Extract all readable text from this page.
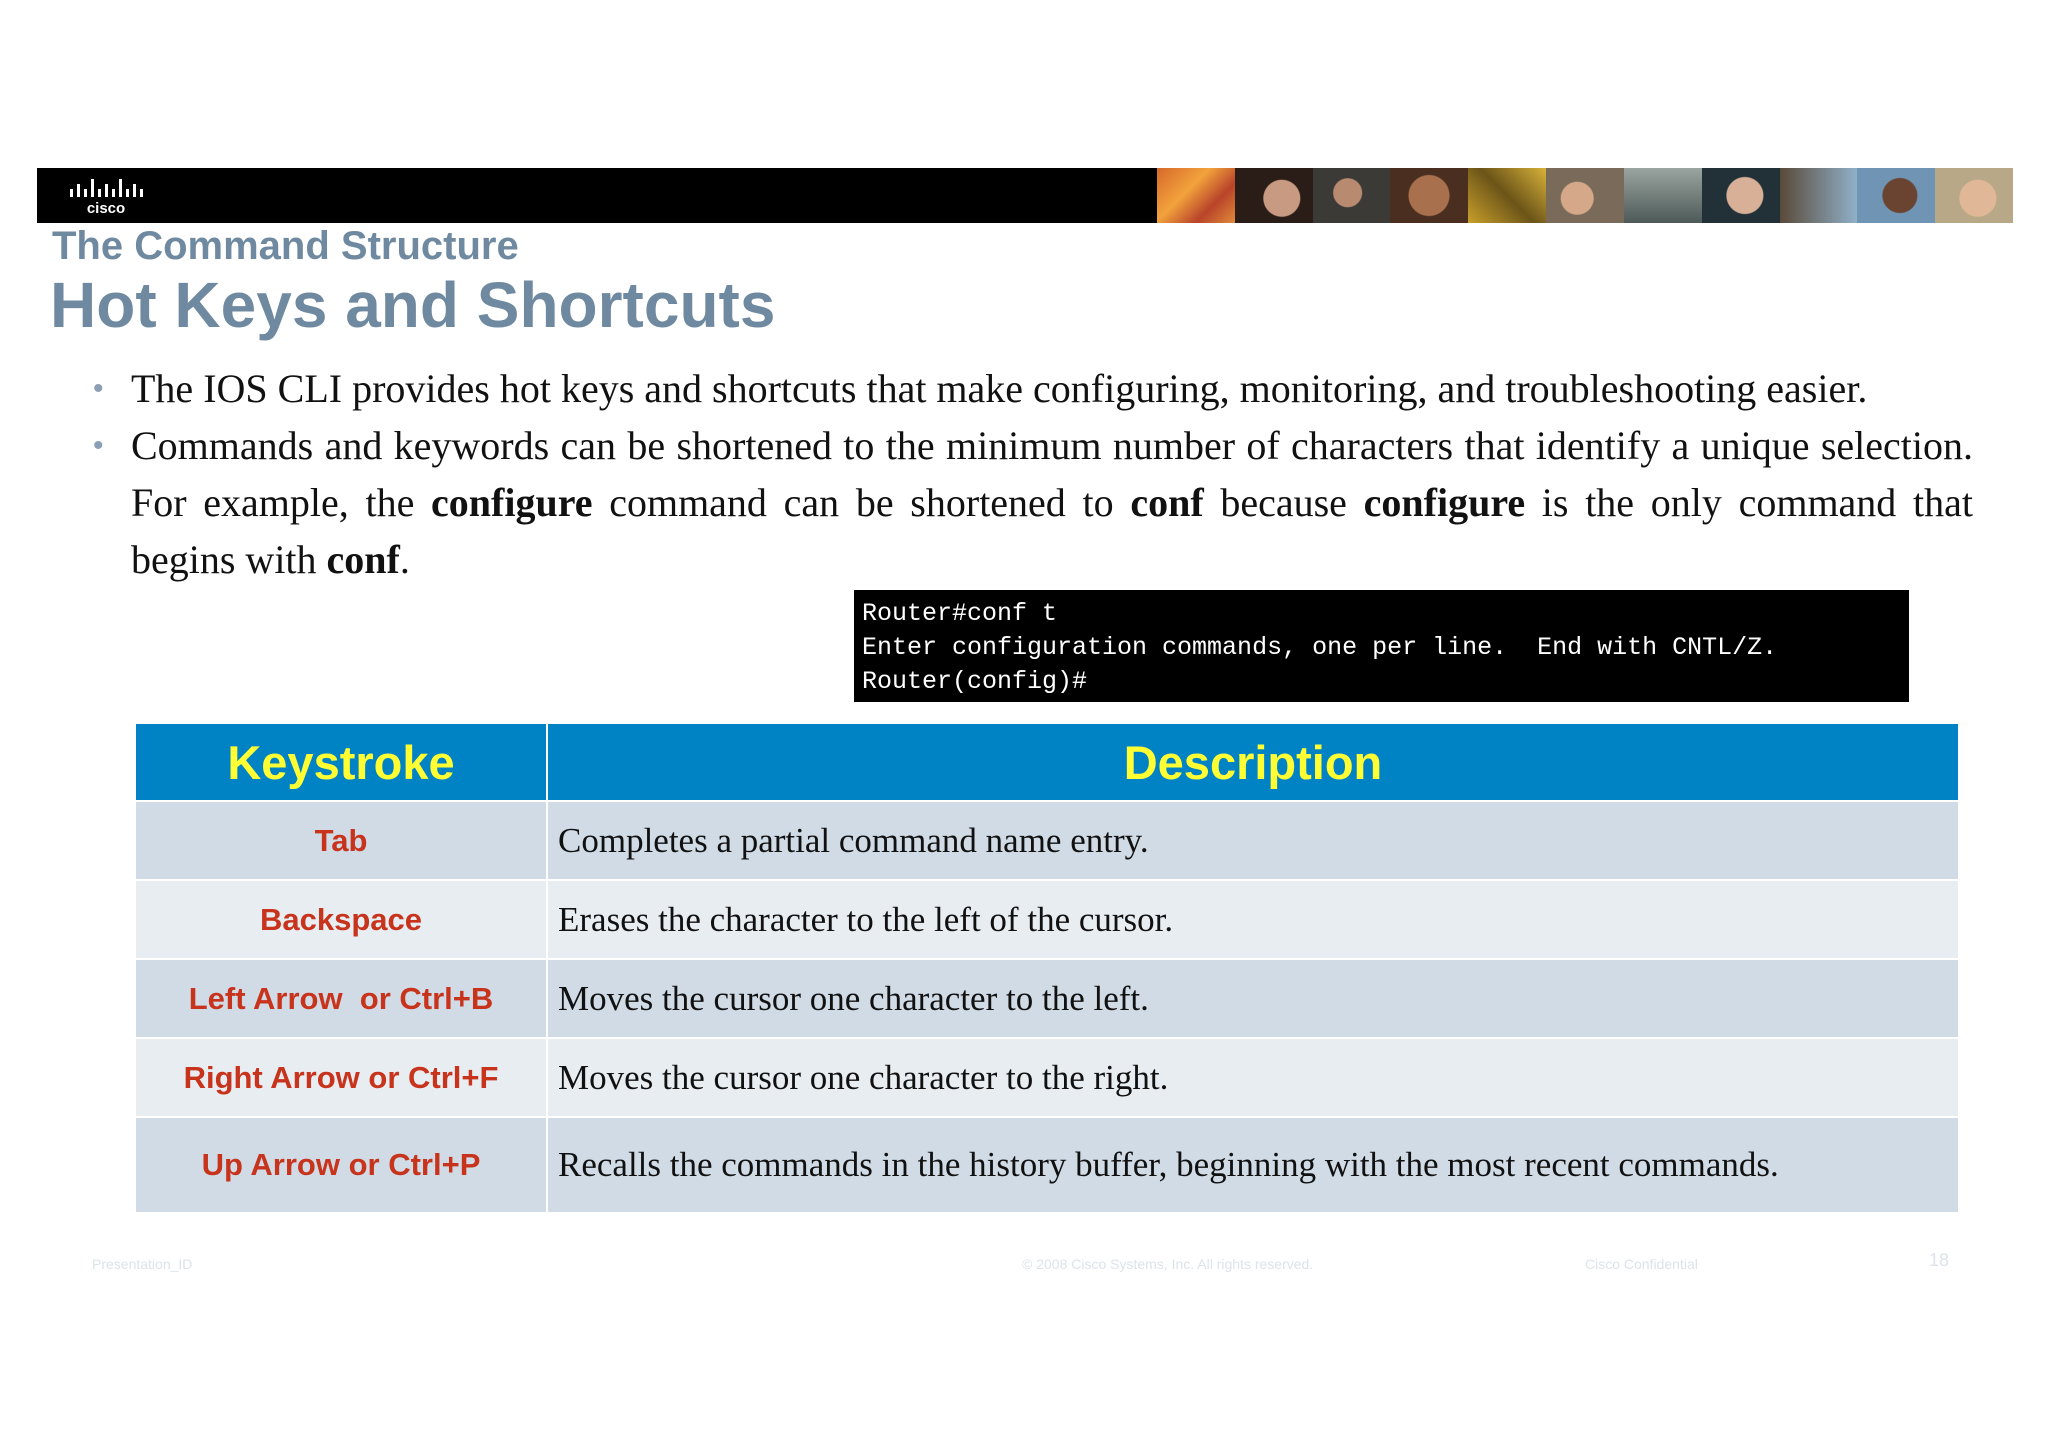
cisco
The Command Structure
Hot Keys and Shortcuts
• The IOS CLI provides hot keys and shortcuts that make configuring, monitoring, and troubleshooting easier.
• Commands and keywords can be shortened to the minimum number of characters that identify a unique selection. For example, the configure command can be shortened to conf because configure is the only command that begins with conf.
Router#conf t
Enter configuration commands, one per line.  End with CNTL/Z.
Router(config)#
Keystroke	Description
Tab	Completes a partial command name entry.
Backspace	Erases the character to the left of the cursor.
Left Arrow  or Ctrl+B	Moves the cursor one character to the left.
Right Arrow or Ctrl+F	Moves the cursor one character to the right.
Up Arrow or Ctrl+P	Recalls the commands in the history buffer, beginning with the most recent commands.
Presentation_ID	© 2008 Cisco Systems, Inc. All rights reserved.	Cisco Confidential	18
